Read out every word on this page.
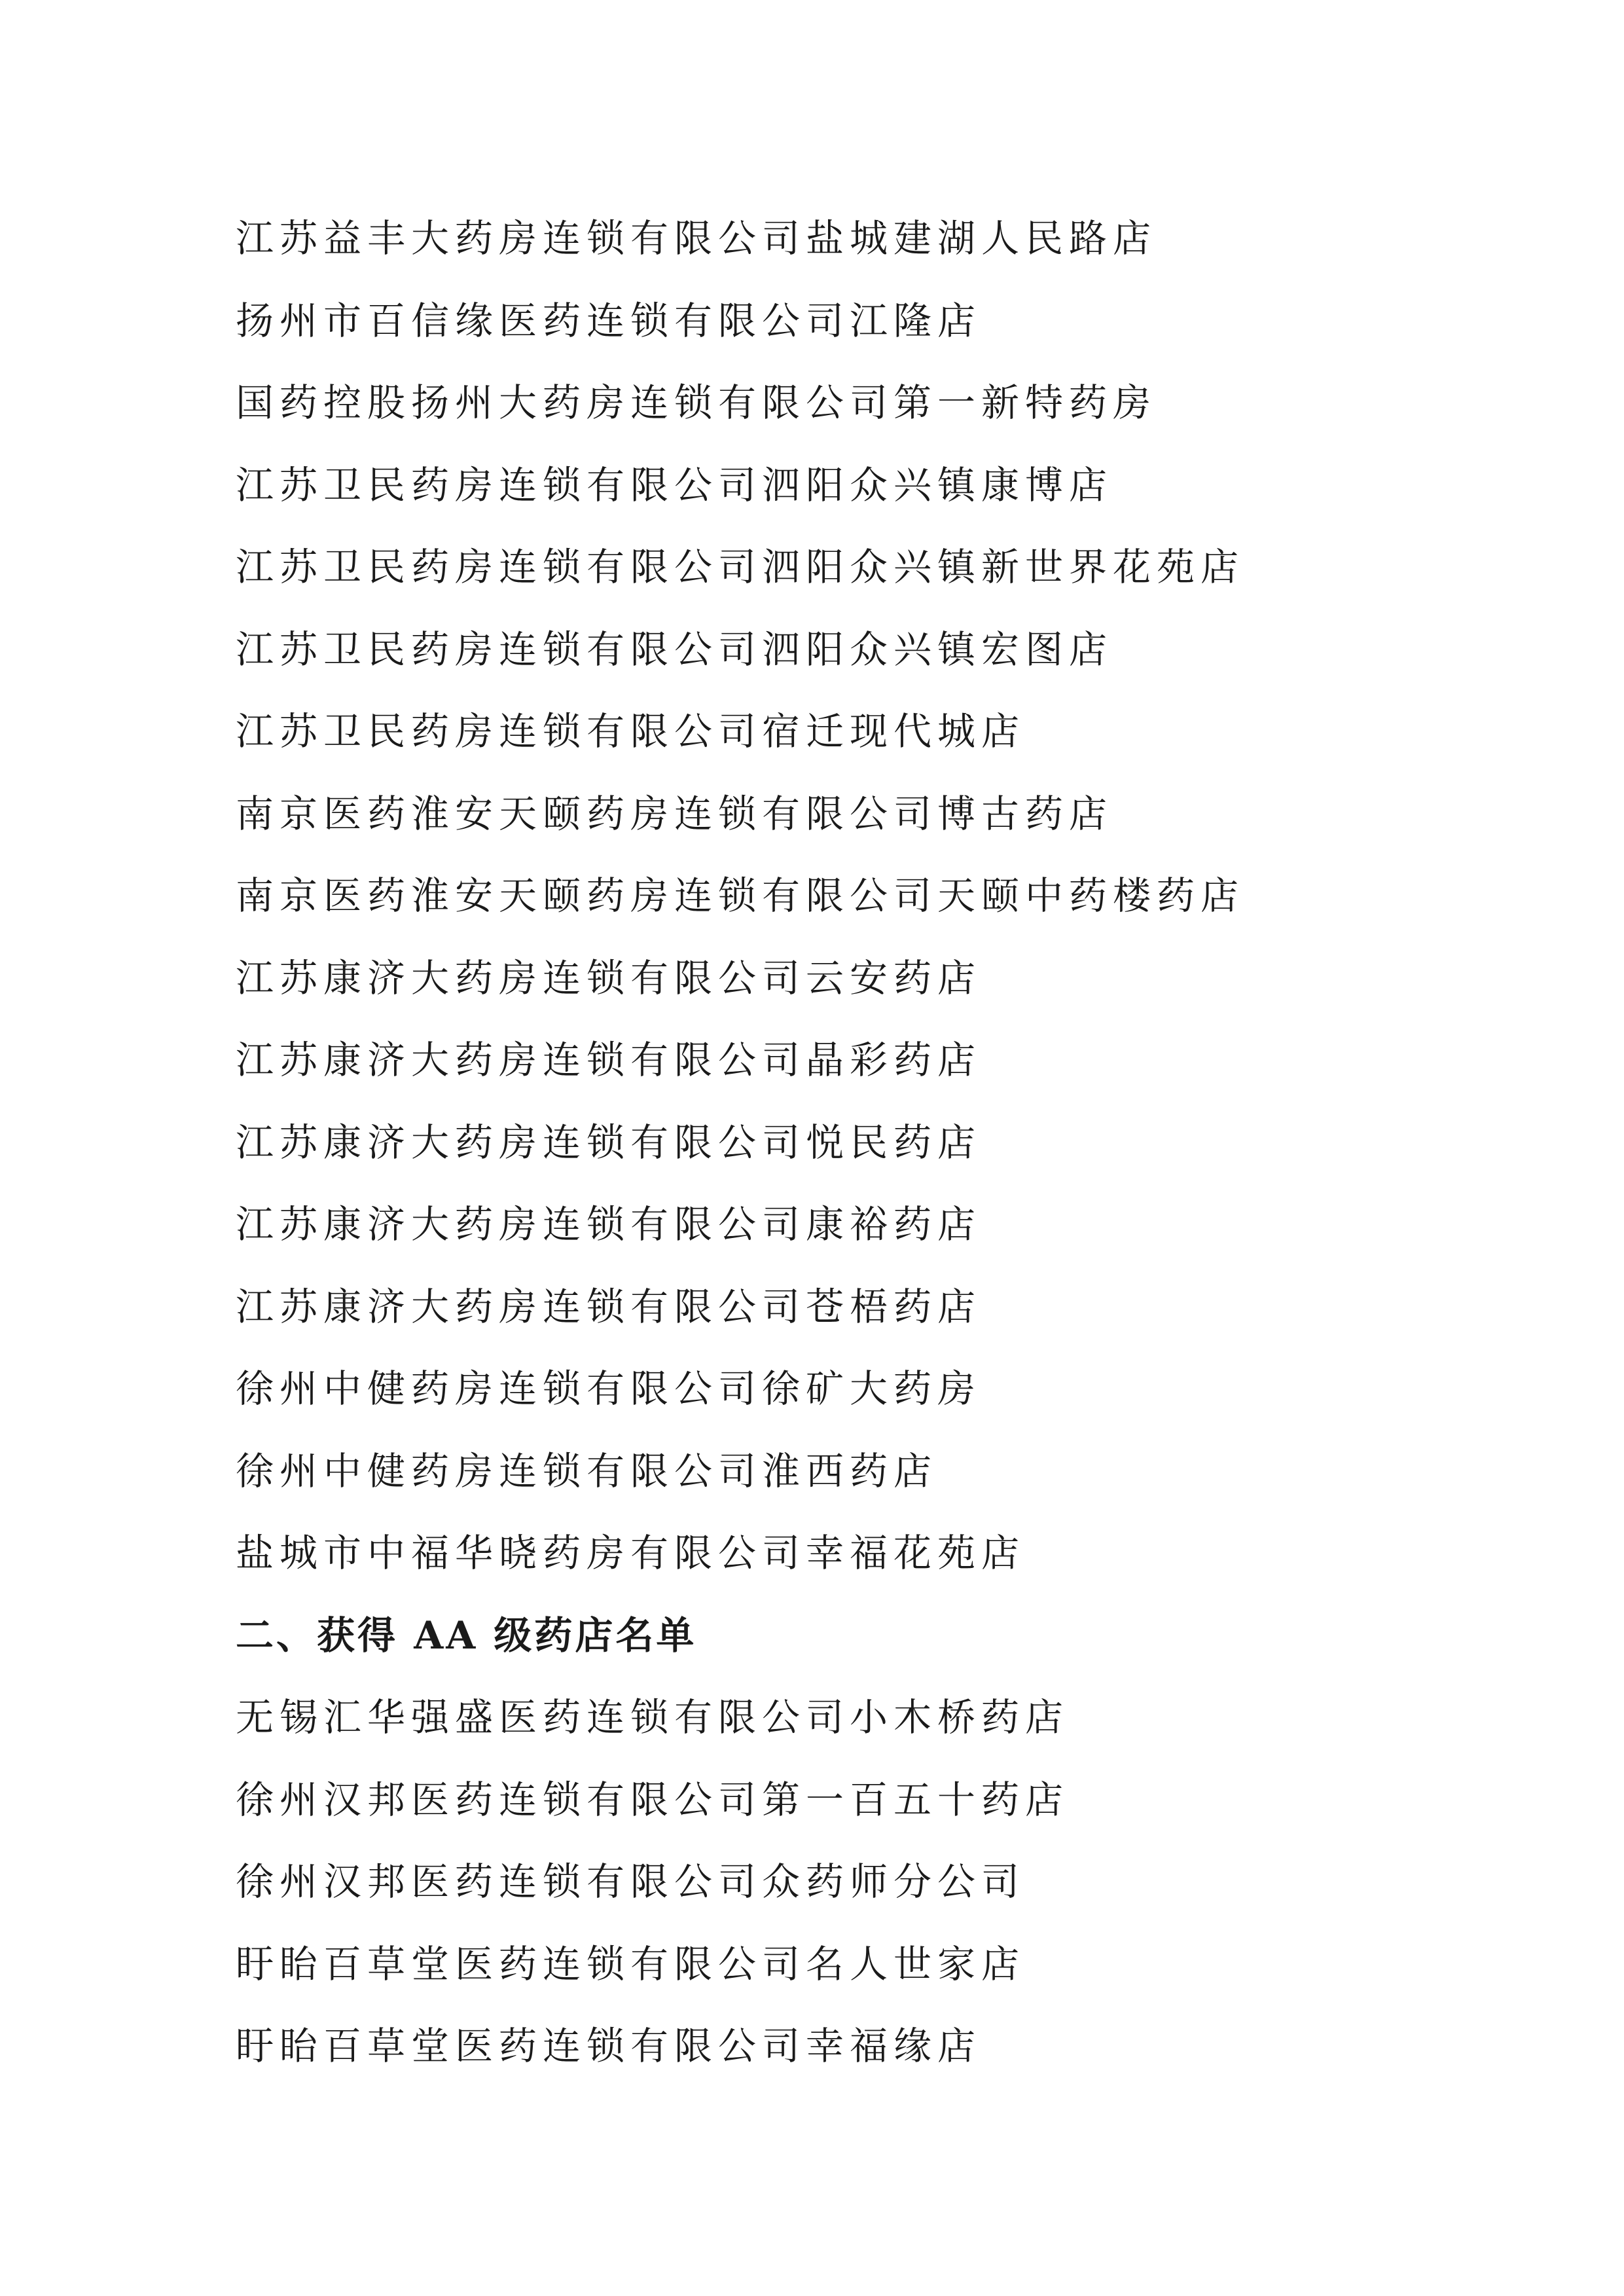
江苏益丰大药房连锁有限公司盐城建湖人民路店
扬州市百信缘医药连锁有限公司江隆店
国药控股扬州大药房连锁有限公司第一新特药房
江苏卫民药房连锁有限公司泗阳众兴镇康博店
江苏卫民药房连锁有限公司泗阳众兴镇新世界花苑店
江苏卫民药房连锁有限公司泗阳众兴镇宏图店
江苏卫民药房连锁有限公司宿迁现代城店
南京医药淮安天颐药房连锁有限公司博古药店
南京医药淮安天颐药房连锁有限公司天颐中药楼药店
江苏康济大药房连锁有限公司云安药店
江苏康济大药房连锁有限公司晶彩药店
江苏康济大药房连锁有限公司悦民药店
江苏康济大药房连锁有限公司康裕药店
江苏康济大药房连锁有限公司苍梧药店
徐州中健药房连锁有限公司徐矿大药房
徐州中健药房连锁有限公司淮西药店
盐城市中福华晓药房有限公司幸福花苑店
二、获得 AA 级药店名单
无锡汇华强盛医药连锁有限公司小木桥药店
徐州汉邦医药连锁有限公司第一百五十药店
徐州汉邦医药连锁有限公司众药师分公司
盱眙百草堂医药连锁有限公司名人世家店
盱眙百草堂医药连锁有限公司幸福缘店
